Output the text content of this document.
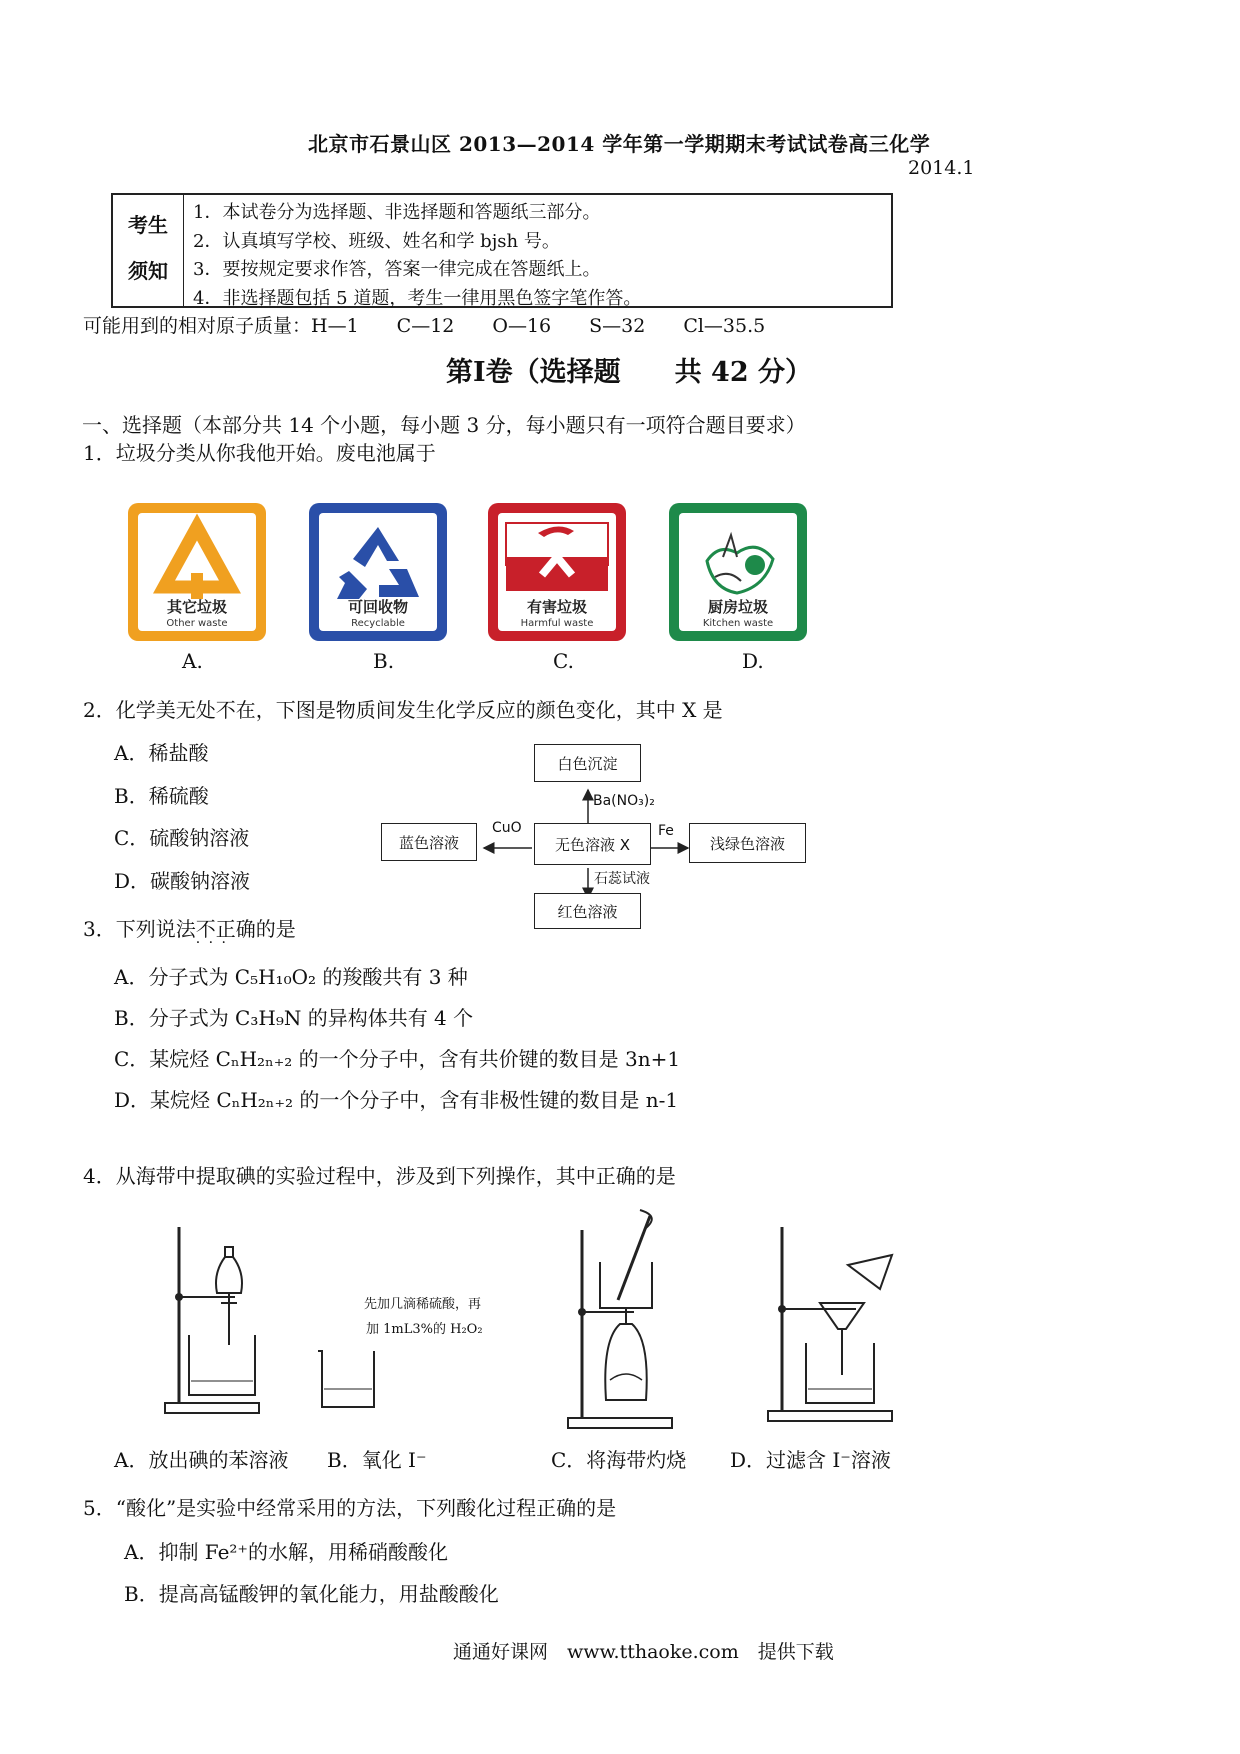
北京市石景山区 2013—2014 学年第一学期期末考试试卷高三化学
2014.1
考生
须知
1．本试卷分为选择题、非选择题和答题纸三部分。
2．认真填写学校、班级、姓名和学 bjsh 号。
3．要按规定要求作答，答案一律完成在答题纸上。
4．非选择题包括 5 道题，考生一律用黑色签字笔作答。
可能用到的相对原子质量：H—1　　C—12　　O—16　　S—32　　Cl—35.5
第Ⅰ卷（选择题　　共 42 分）
一、选择题（本部分共 14 个小题，每小题 3 分，每小题只有一项符合题目要求）
1．垃圾分类从你我他开始。废电池属于
其它垃圾
Other waste
可回收物
Recyclable
有害垃圾
Harmful waste
厨房垃圾
Kitchen waste
A.	B.	C.	D.
2．化学美无处不在，下图是物质间发生化学反应的颜色变化，其中 X 是
A．稀盐酸
B．稀硫酸
C．硫酸钠溶液
D．碳酸钠溶液
白色沉淀
蓝色溶液	无色溶液 X	浅绿色溶液
红色溶液
Ba(NO₃)₂
CuO	Fe
石蕊试液
3．下列说法不正确 · · ·的是
A．分子式为 C₅H₁₀O₂ 的羧酸共有 3 种
B．分子式为 C₃H₉N 的异构体共有 4 个
C．某烷烃 CₙH₂ₙ₊₂ 的一个分子中，含有共价键的数目是 3n+1
D．某烷烃 CₙH₂ₙ₊₂ 的一个分子中，含有非极性键的数目是 n-1
4．从海带中提取碘的实验过程中，涉及到下列操作，其中正确的是
先加几滴稀硫酸，再
加 1mL3%的 H₂O₂
A．放出碘的苯溶液 B．氧化 I⁻	C．将海带灼烧 D．过滤含 I⁻溶液
5．“酸化”是实验中经常采用的方法，下列酸化过程正确的是
A．抑制 Fe²⁺的水解，用稀硝酸酸化
B．提高高锰酸钾的氧化能力，用盐酸酸化
通通好课网　www.tthaoke.com　提供下载
